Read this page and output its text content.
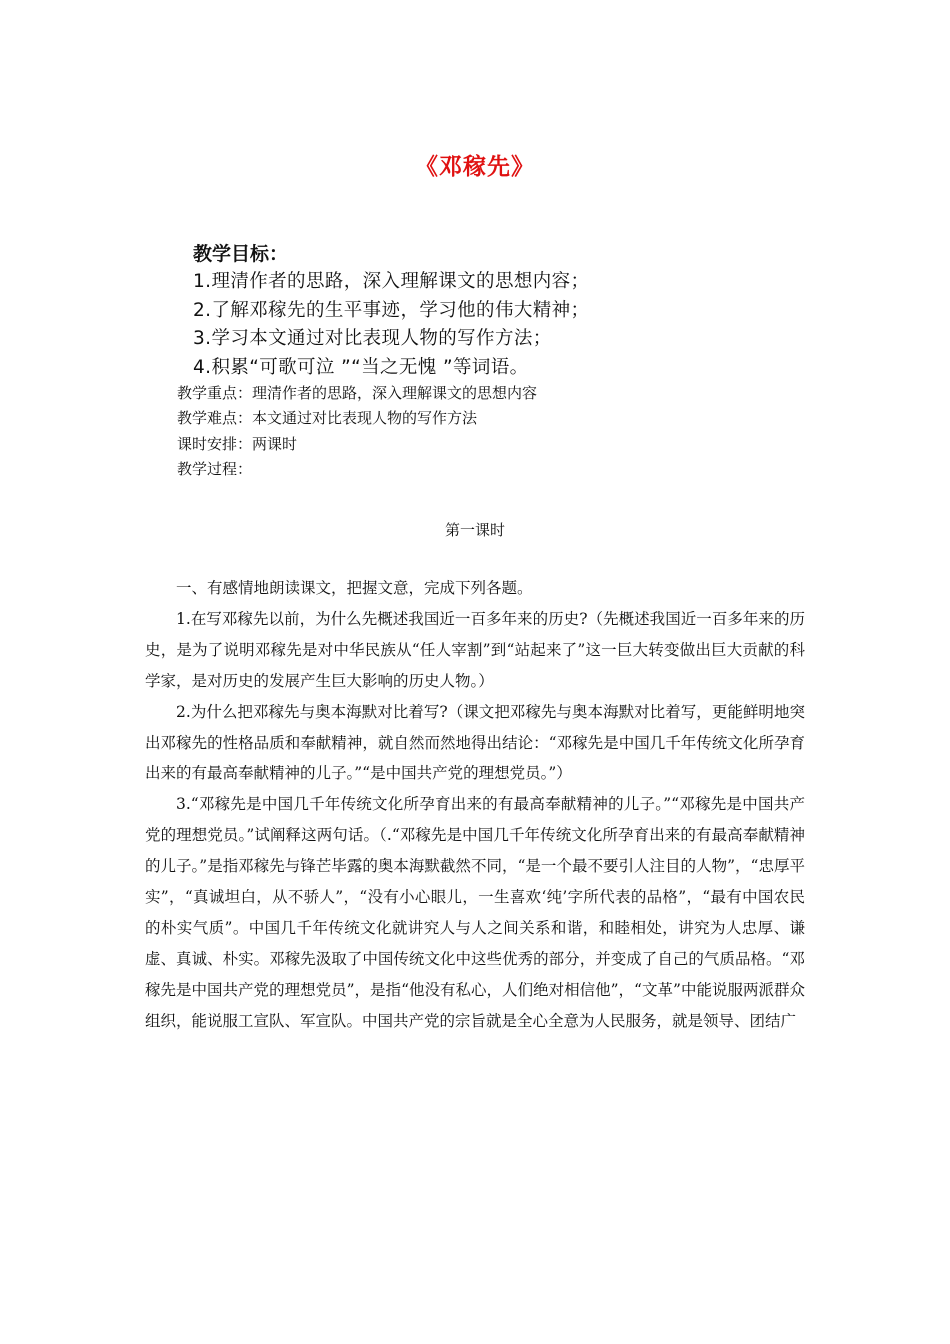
《邓稼先》
教学目标：
1.理清作者的思路，深入理解课文的思想内容；
2.了解邓稼先的生平事迹，学习他的伟大精神；
3.学习本文通过对比表现人物的写作方法；
4.积累“可歌可泣 ”“当之无愧 ”等词语。
教学重点：理清作者的思路，深入理解课文的思想内容
教学难点：本文通过对比表现人物的写作方法
课时安排：两课时
教学过程：
第一课时

一、有感情地朗读课文，把握文意，完成下列各题。

1.在写邓稼先以前，为什么先概述我国近一百多年来的历史?（先概述我国近一百多年来的历史，是为了说明邓稼先是对中华民族从“任人宰割”到“站起来了”这一巨大转变做出巨大贡献的科学家，是对历史的发展产生巨大影响的历史人物。）

2.为什么把邓稼先与奥本海默对比着写?（课文把邓稼先与奥本海默对比着写，更能鲜明地突出邓稼先的性格品质和奉献精神，就自然而然地得出结论：“邓稼先是中国几千年传统文化所孕育出来的有最高奉献精神的儿子。”“是中国共产党的理想党员。”）

3.“邓稼先是中国几千年传统文化所孕育出来的有最高奉献精神的儿子。”“邓稼先是中国共产党的理想党员。”试阐释这两句话。（.“邓稼先是中国几千年传统文化所孕育出来的有最高奉献精神的儿子。”是指邓稼先与锋芒毕露的奥本海默截然不同，“是一个最不要引人注目的人物”，“忠厚平实”，“真诚坦白，从不骄人”，“没有小心眼儿，一生喜欢‘纯’字所代表的品格”，“最有中国农民的朴实气质”。中国几千年传统文化就讲究人与人之间关系和谐，和睦相处，讲究为人忠厚、谦虚、真诚、朴实。邓稼先汲取了中国传统文化中这些优秀的部分，并变成了自己的气质品格。“邓稼先是中国共产党的理想党员”，是指“他没有私心，人们绝对相信他”，“文革”中能说服两派群众组织，能说服工宣队、军宣队。中国共产党的宗旨就是全心全意为人民服务，就是领导、团结广
